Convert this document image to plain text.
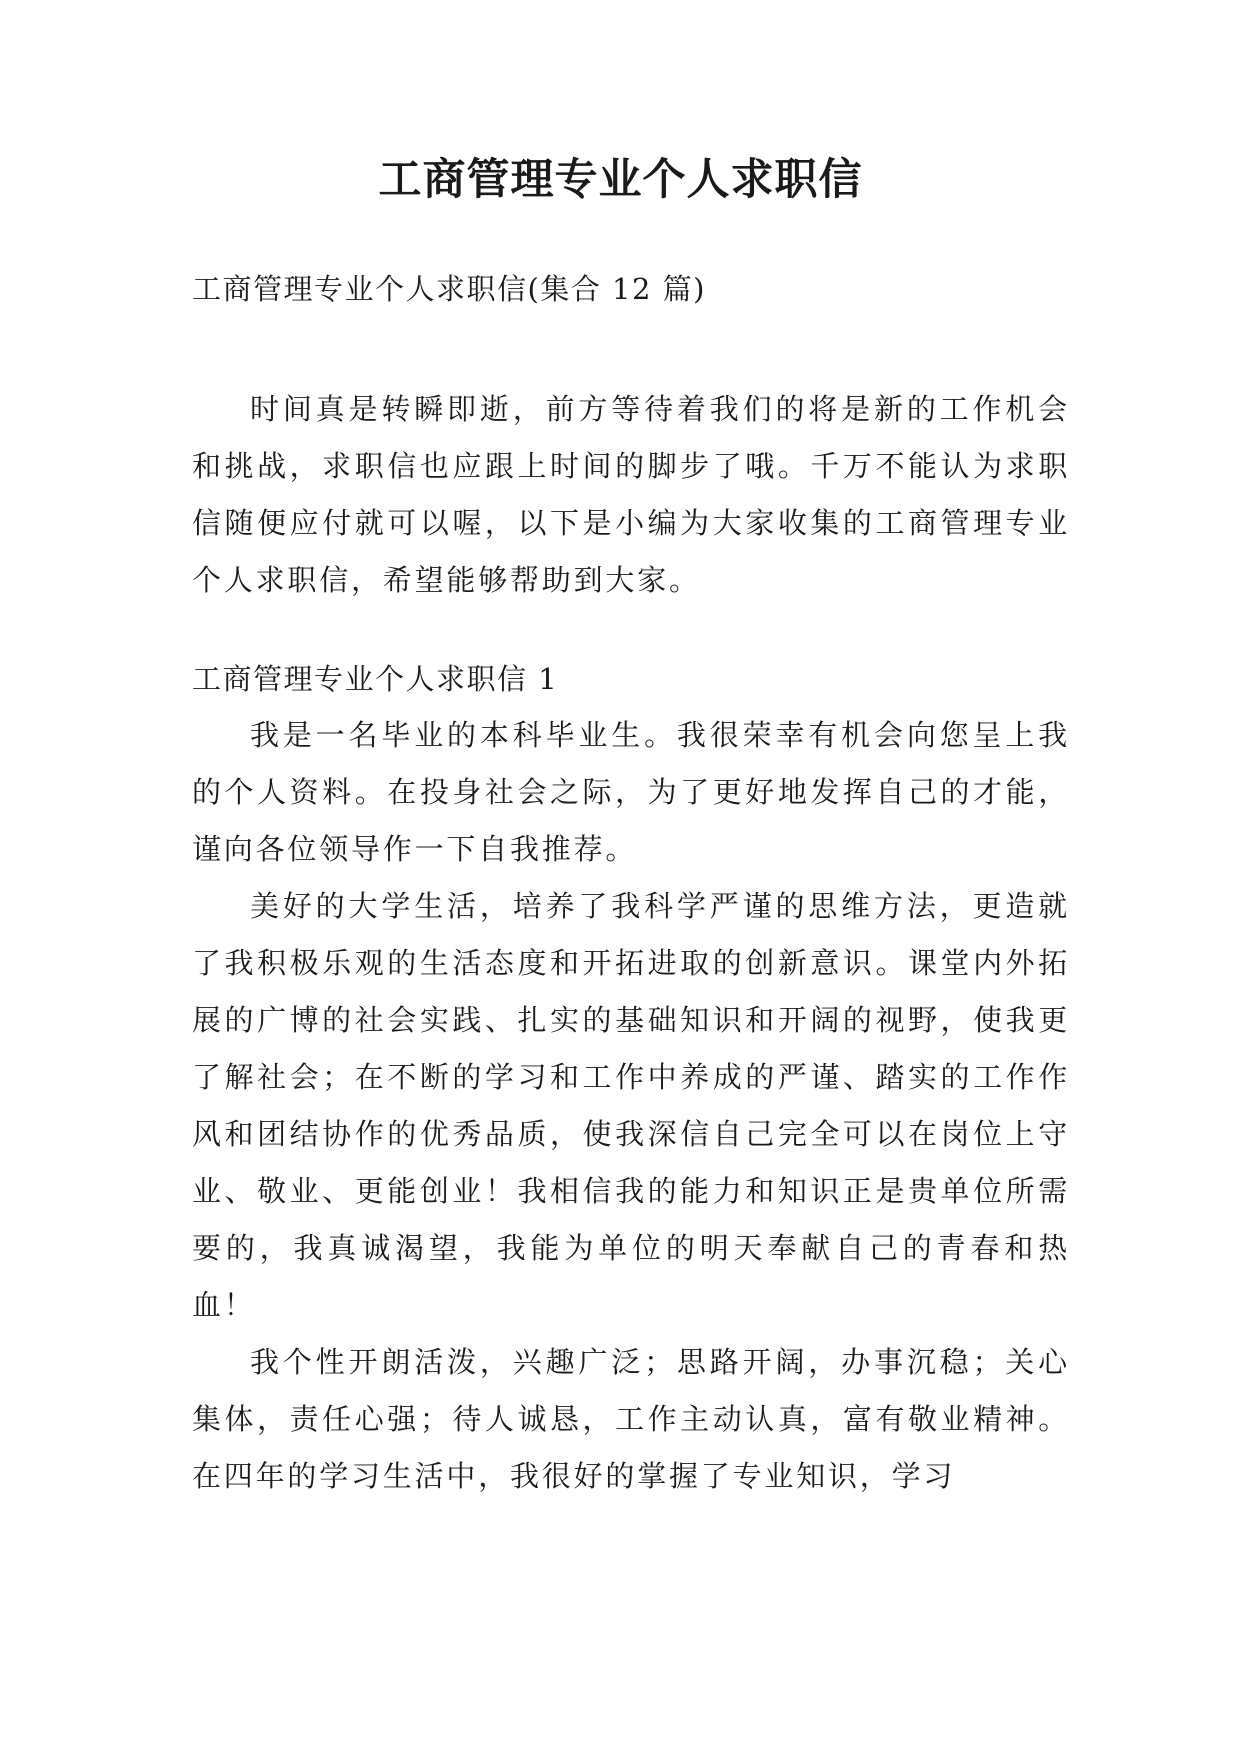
工商管理专业个人求职信

工商管理专业个人求职信(集合 12 篇)

时间真是转瞬即逝，前方等待着我们的将是新的工作机会和挑战，求职信也应跟上时间的脚步了哦。千万不能认为求职信随便应付就可以喔，以下是小编为大家收集的工商管理专业个人求职信，希望能够帮助到大家。

工商管理专业个人求职信 1

我是一名毕业的本科毕业生。我很荣幸有机会向您呈上我的个人资料。在投身社会之际，为了更好地发挥自己的才能，谨向各位领导作一下自我推荐。

美好的大学生活，培养了我科学严谨的思维方法，更造就了我积极乐观的生活态度和开拓进取的创新意识。课堂内外拓展的广博的社会实践、扎实的基础知识和开阔的视野，使我更了解社会；在不断的学习和工作中养成的严谨、踏实的工作作风和团结协作的优秀品质，使我深信自己完全可以在岗位上守业、敬业、更能创业！我相信我的能力和知识正是贵单位所需要的，我真诚渴望，我能为单位的明天奉献自己的青春和热血！

我个性开朗活泼，兴趣广泛；思路开阔，办事沉稳；关心集体，责任心强；待人诚恳，工作主动认真，富有敬业精神。在四年的学习生活中，我很好的掌握了专业知识，学习
